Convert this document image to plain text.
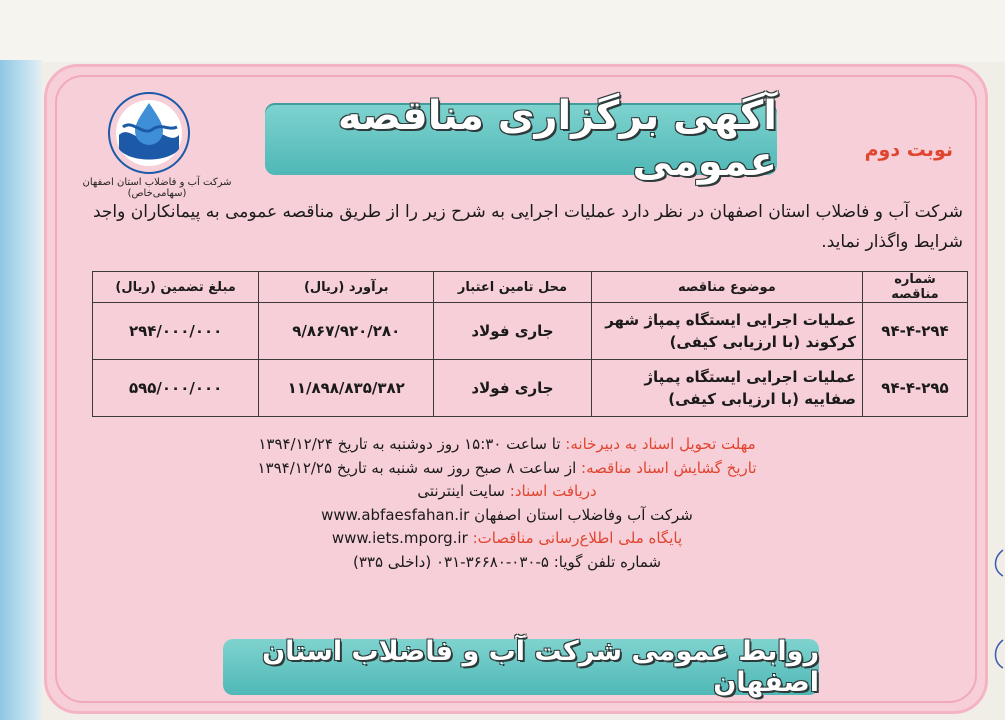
شرکت آب و فاضلاب استان اصفهان (سهامی‌خاص)
آگهی برگزاری مناقصه عمومی	نوبت دوم
شرکت آب و فاضلاب استان اصفهان در نظر دارد عملیات اجرایی به شرح زیر را از طریق مناقصه عمومی به پیمانکاران واجد شرایط واگذار نماید.
شماره مناقصه	موضوع مناقصه	محل تامین اعتبار	برآورد (ریال)	مبلغ تضمین (ریال)
۹۴-۴-۲۹۴	عملیات اجرایی ایستگاه پمپاژ شهر کرکوند (با ارزیابی کیفی)	جاری فولاد	۹/۸۶۷/۹۲۰/۲۸۰	۲۹۴/۰۰۰/۰۰۰
۹۴-۴-۲۹۵	عملیات اجرایی ایستگاه پمپاژ صفاییه (با ارزیابی کیفی)	جاری فولاد	۱۱/۸۹۸/۸۳۵/۳۸۲	۵۹۵/۰۰۰/۰۰۰
مهلت تحویل اسناد به دبیرخانه: تا ساعت ۱۵:۳۰ روز دوشنبه به تاریخ ۱۳۹۴/۱۲/۲۴
تاریخ گشایش اسناد مناقصه: از ساعت ۸ صبح روز سه شنبه به تاریخ ۱۳۹۴/۱۲/۲۵
دریافت اسناد: سایت اینترنتی
شرکت آب وفاضلاب استان اصفهان www.abfaesfahan.ir
پایگاه ملی اطلاع‌رسانی مناقصات: www.iets.mporg.ir
شماره تلفن گویا: ۵-۰۳۰-۳۶۶۸۰-۰۳۱ (داخلی ۳۳۵)
روابط عمومی شرکت آب و فاضلاب استان اصفهان
